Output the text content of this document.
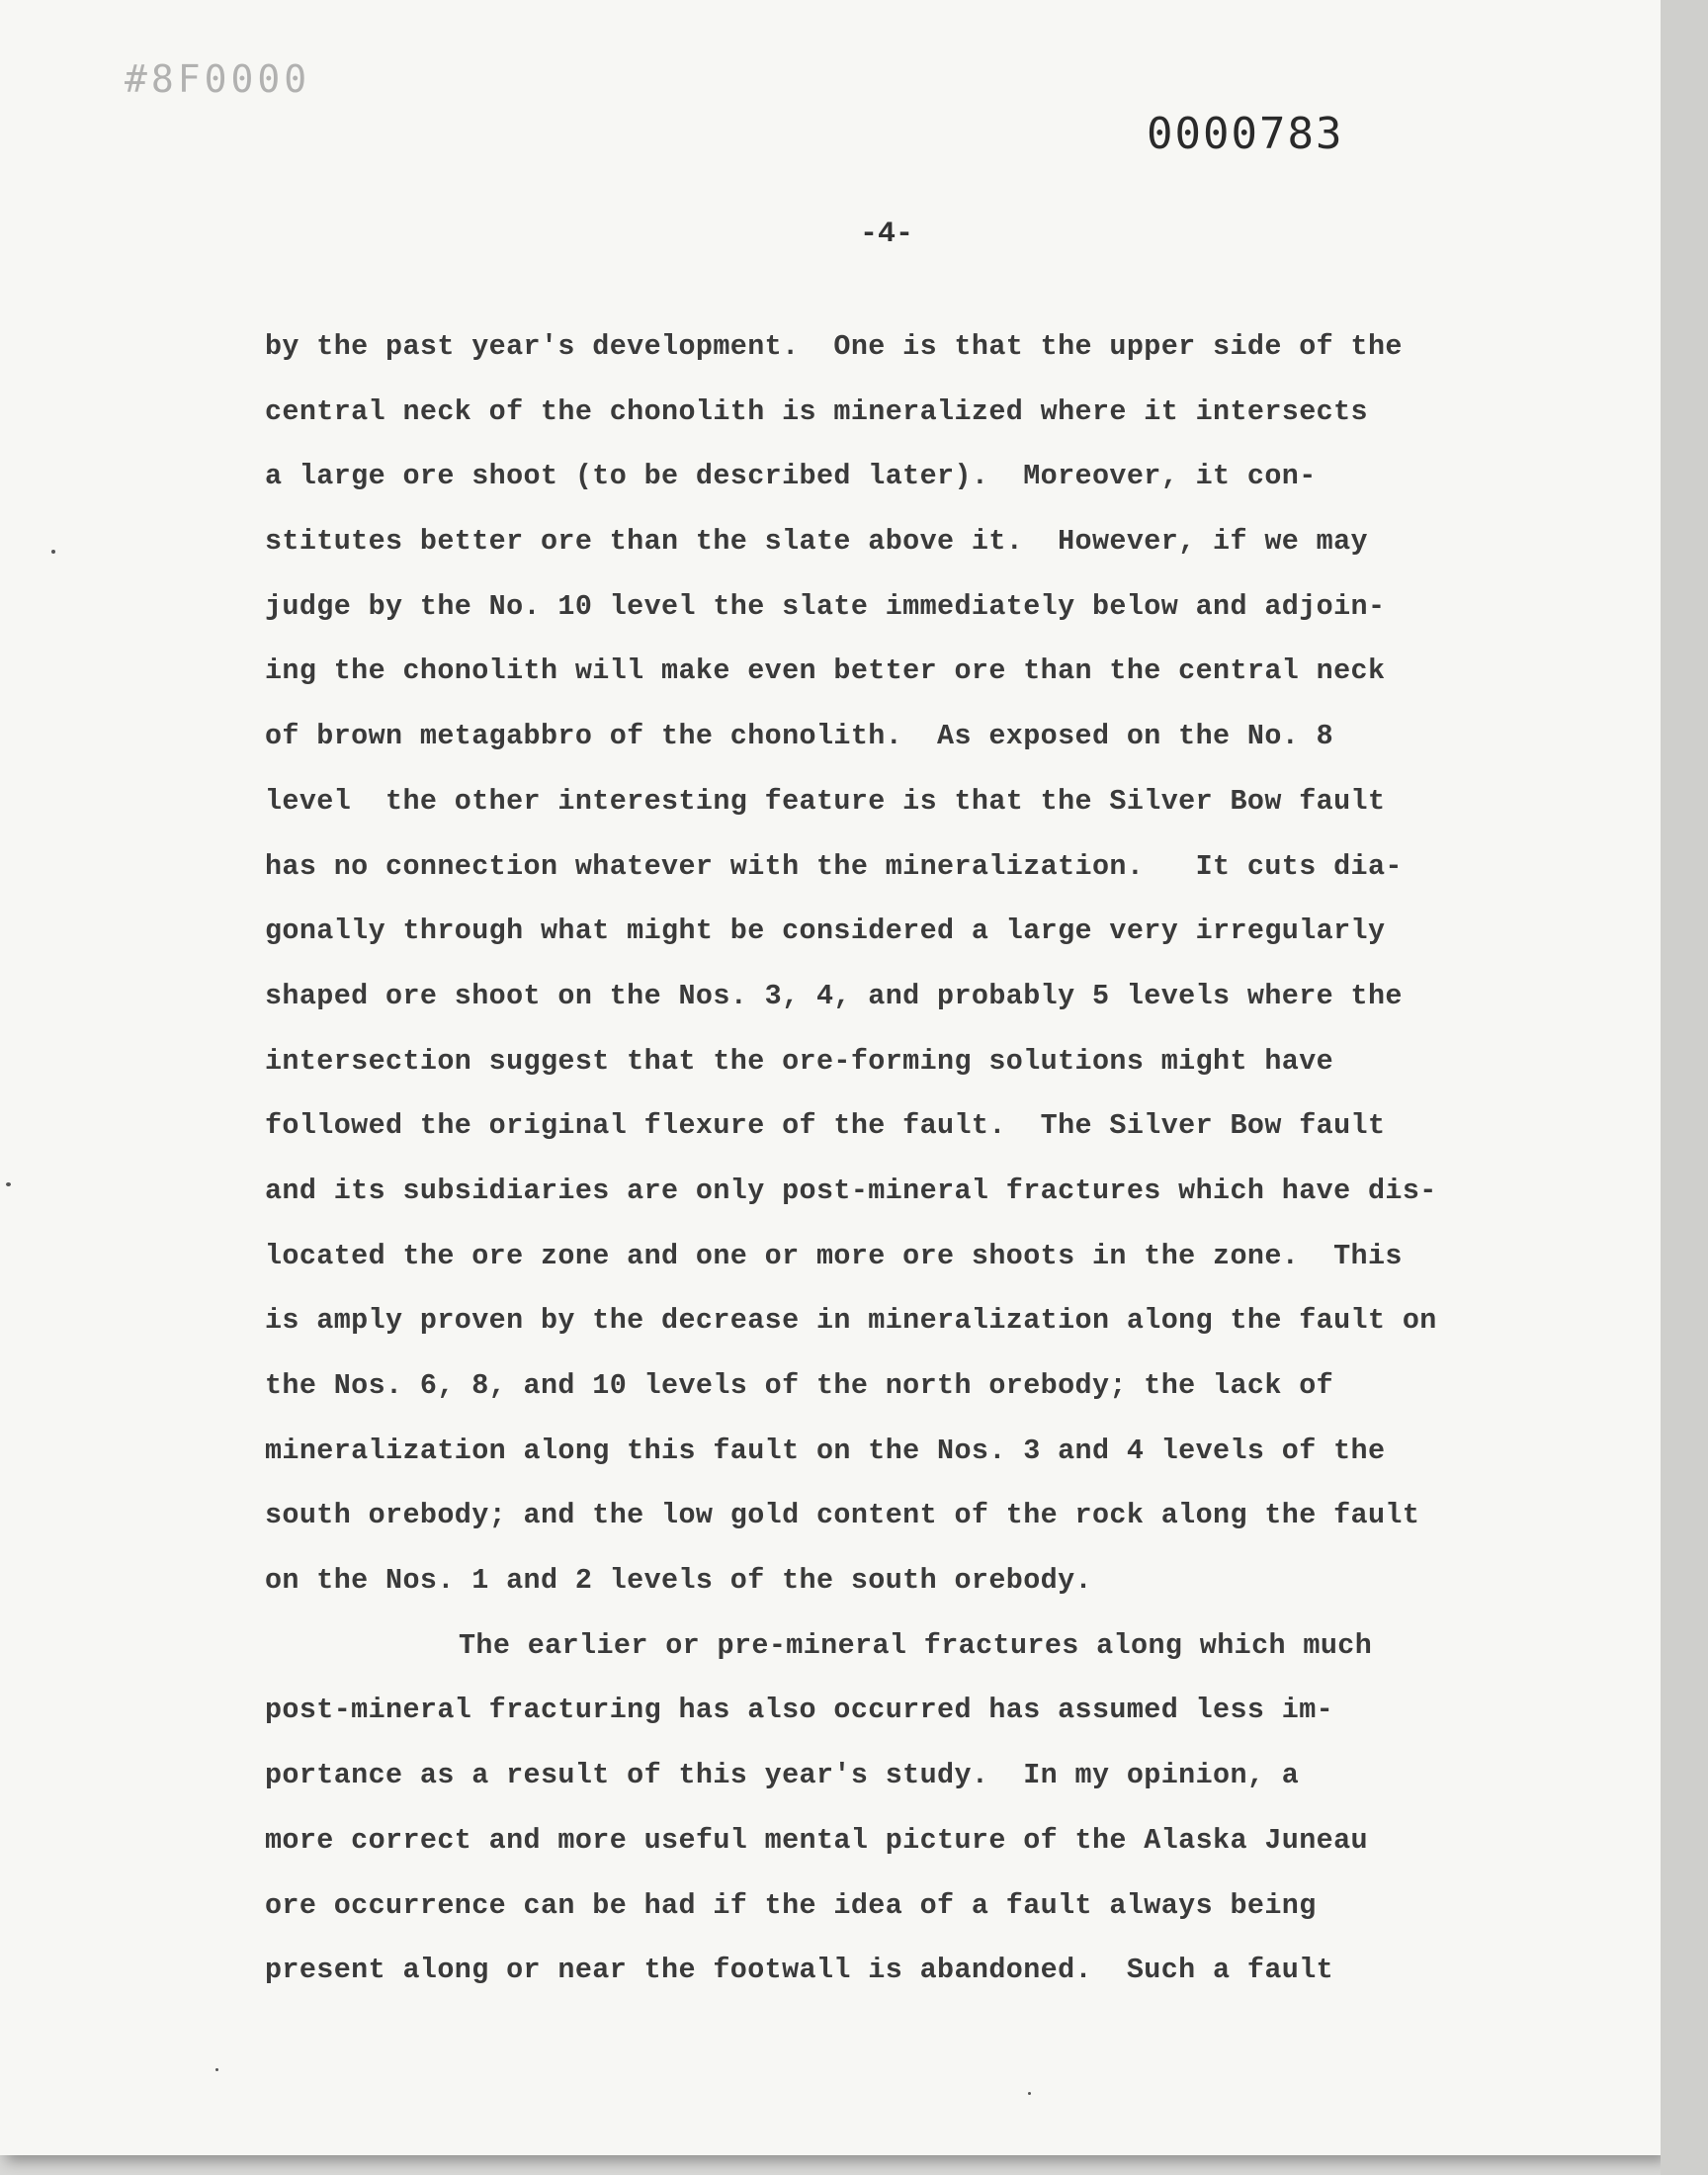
#8F0000
0000783
-4-
by the past year's development.  One is that the upper side of the
central neck of the chonolith is mineralized where it intersects
a large ore shoot (to be described later).  Moreover, it con-
stitutes better ore than the slate above it.  However, if we may
judge by the No. 10 level the slate immediately below and adjoin-
ing the chonolith will make even better ore than the central neck
of brown metagabbro of the chonolith.  As exposed on the No. 8
level  the other interesting feature is that the Silver Bow fault
has no connection whatever with the mineralization.   It cuts dia-
gonally through what might be considered a large very irregularly
shaped ore shoot on the Nos. 3, 4, and probably 5 levels where the
intersection suggest that the ore-forming solutions might have
followed the original flexure of the fault.  The Silver Bow fault
and its subsidiaries are only post-mineral fractures which have dis-
located the ore zone and one or more ore shoots in the zone.  This
is amply proven by the decrease in mineralization along the fault on
the Nos. 6, 8, and 10 levels of the north orebody; the lack of
mineralization along this fault on the Nos. 3 and 4 levels of the
south orebody; and the low gold content of the rock along the fault
on the Nos. 1 and 2 levels of the south orebody.
The earlier or pre-mineral fractures along which much
post-mineral fracturing has also occurred has assumed less im-
portance as a result of this year's study.  In my opinion, a
more correct and more useful mental picture of the Alaska Juneau
ore occurrence can be had if the idea of a fault always being
present along or near the footwall is abandoned.  Such a fault
